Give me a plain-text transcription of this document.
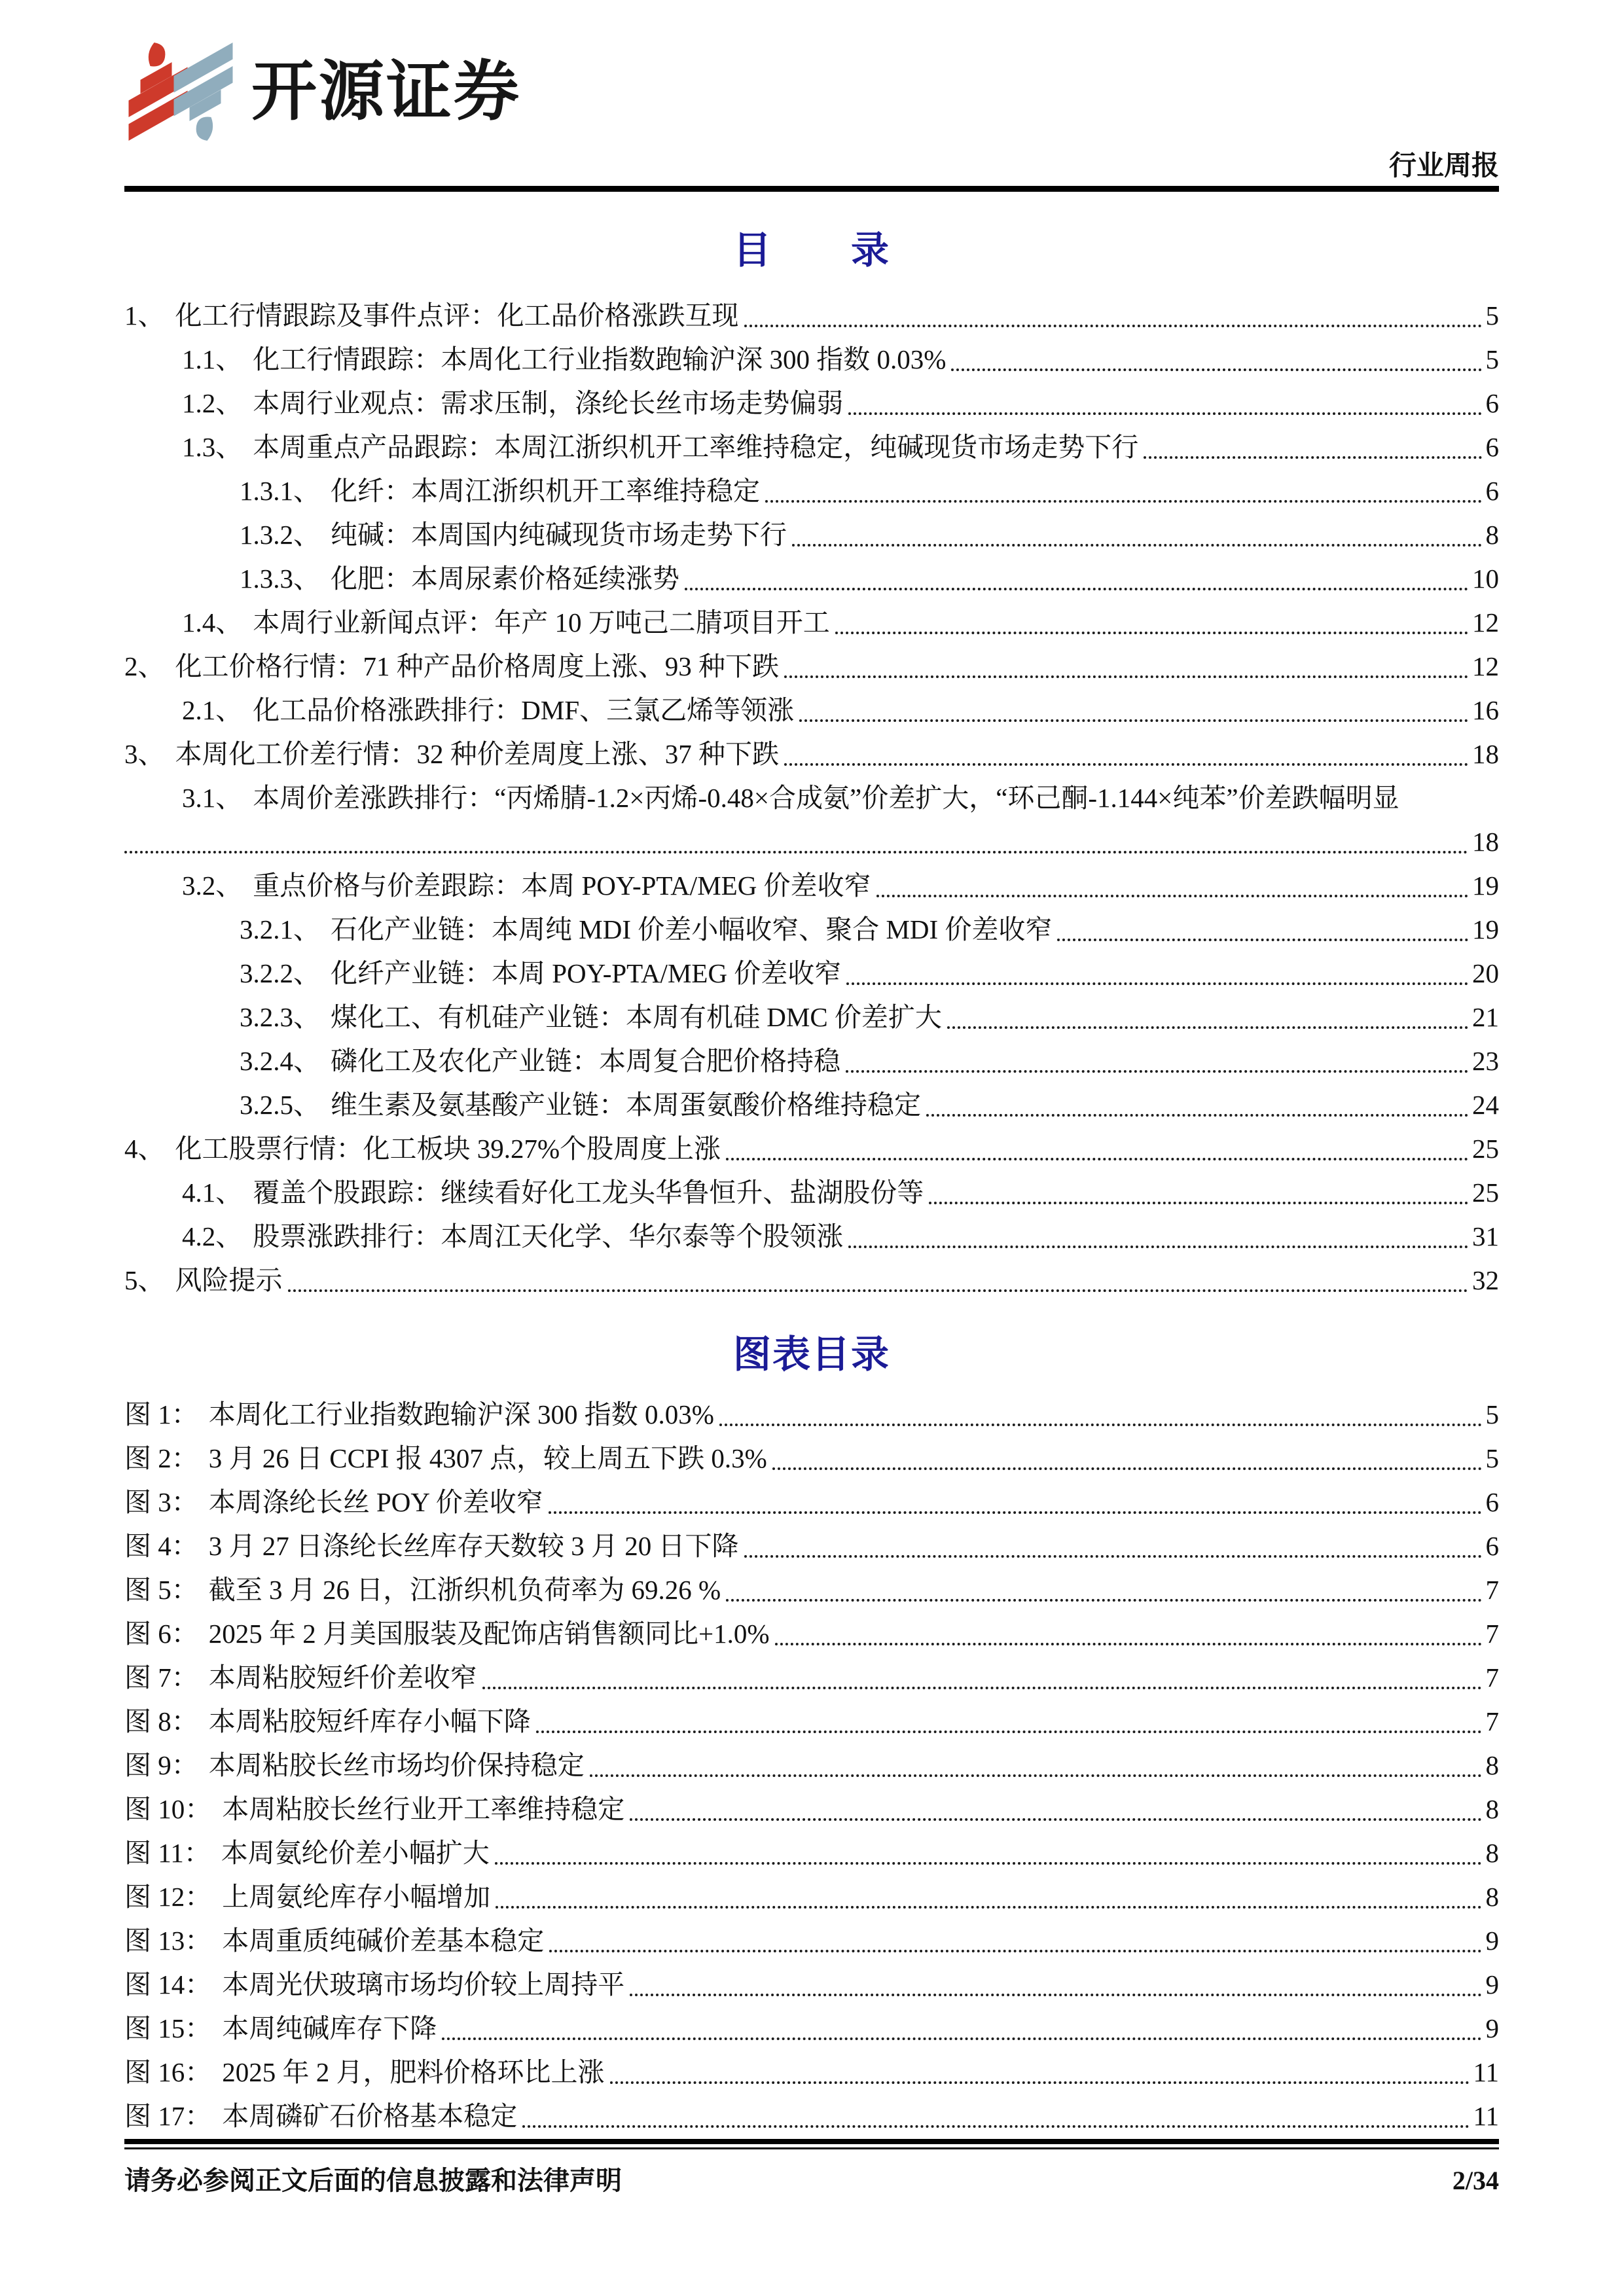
开源证券
行业周报
目　　录
1、 化工行情跟踪及事件点评：化工品价格涨跌互现	5
1.1、 化工行情跟踪：本周化工行业指数跑输沪深 300 指数 0.03%	5
1.2、 本周行业观点：需求压制，涤纶长丝市场走势偏弱	6
1.3、 本周重点产品跟踪：本周江浙织机开工率维持稳定，纯碱现货市场走势下行	6
1.3.1、 化纤：本周江浙织机开工率维持稳定	6
1.3.2、 纯碱：本周国内纯碱现货市场走势下行	8
1.3.3、 化肥：本周尿素价格延续涨势	10
1.4、 本周行业新闻点评：年产 10 万吨己二腈项目开工	12
2、 化工价格行情：71 种产品价格周度上涨、93 种下跌	12
2.1、 化工品价格涨跌排行：DMF、三氯乙烯等领涨	16
3、 本周化工价差行情：32 种价差周度上涨、37 种下跌	18
3.1、 本周价差涨跌排行：“丙烯腈-1.2×丙烯-0.48×合成氨”价差扩大，“环己酮-1.144×纯苯”价差跌幅明显
18
3.2、 重点价格与价差跟踪：本周 POY-PTA/MEG 价差收窄	19
3.2.1、 石化产业链：本周纯 MDI 价差小幅收窄、聚合 MDI 价差收窄	19
3.2.2、 化纤产业链：本周 POY-PTA/MEG 价差收窄	20
3.2.3、 煤化工、有机硅产业链：本周有机硅 DMC 价差扩大	21
3.2.4、 磷化工及农化产业链：本周复合肥价格持稳	23
3.2.5、 维生素及氨基酸产业链：本周蛋氨酸价格维持稳定	24
4、 化工股票行情：化工板块 39.27%个股周度上涨	25
4.1、 覆盖个股跟踪：继续看好化工龙头华鲁恒升、盐湖股份等	25
4.2、 股票涨跌排行：本周江天化学、华尔泰等个股领涨	31
5、 风险提示	32
图表目录
图 1： 本周化工行业指数跑输沪深 300 指数 0.03%	5
图 2： 3 月 26 日 CCPI 报 4307 点，较上周五下跌 0.3%	5
图 3： 本周涤纶长丝 POY 价差收窄	6
图 4： 3 月 27 日涤纶长丝库存天数较 3 月 20 日下降	6
图 5： 截至 3 月 26 日，江浙织机负荷率为 69.26 %	7
图 6： 2025 年 2 月美国服装及配饰店销售额同比+1.0%	7
图 7： 本周粘胶短纤价差收窄	7
图 8： 本周粘胶短纤库存小幅下降	7
图 9： 本周粘胶长丝市场均价保持稳定	8
图 10： 本周粘胶长丝行业开工率维持稳定	8
图 11： 本周氨纶价差小幅扩大	8
图 12： 上周氨纶库存小幅增加	8
图 13： 本周重质纯碱价差基本稳定	9
图 14： 本周光伏玻璃市场均价较上周持平	9
图 15： 本周纯碱库存下降	9
图 16： 2025 年 2 月，肥料价格环比上涨	11
图 17： 本周磷矿石价格基本稳定	11
请务必参阅正文后面的信息披露和法律声明	2/34
